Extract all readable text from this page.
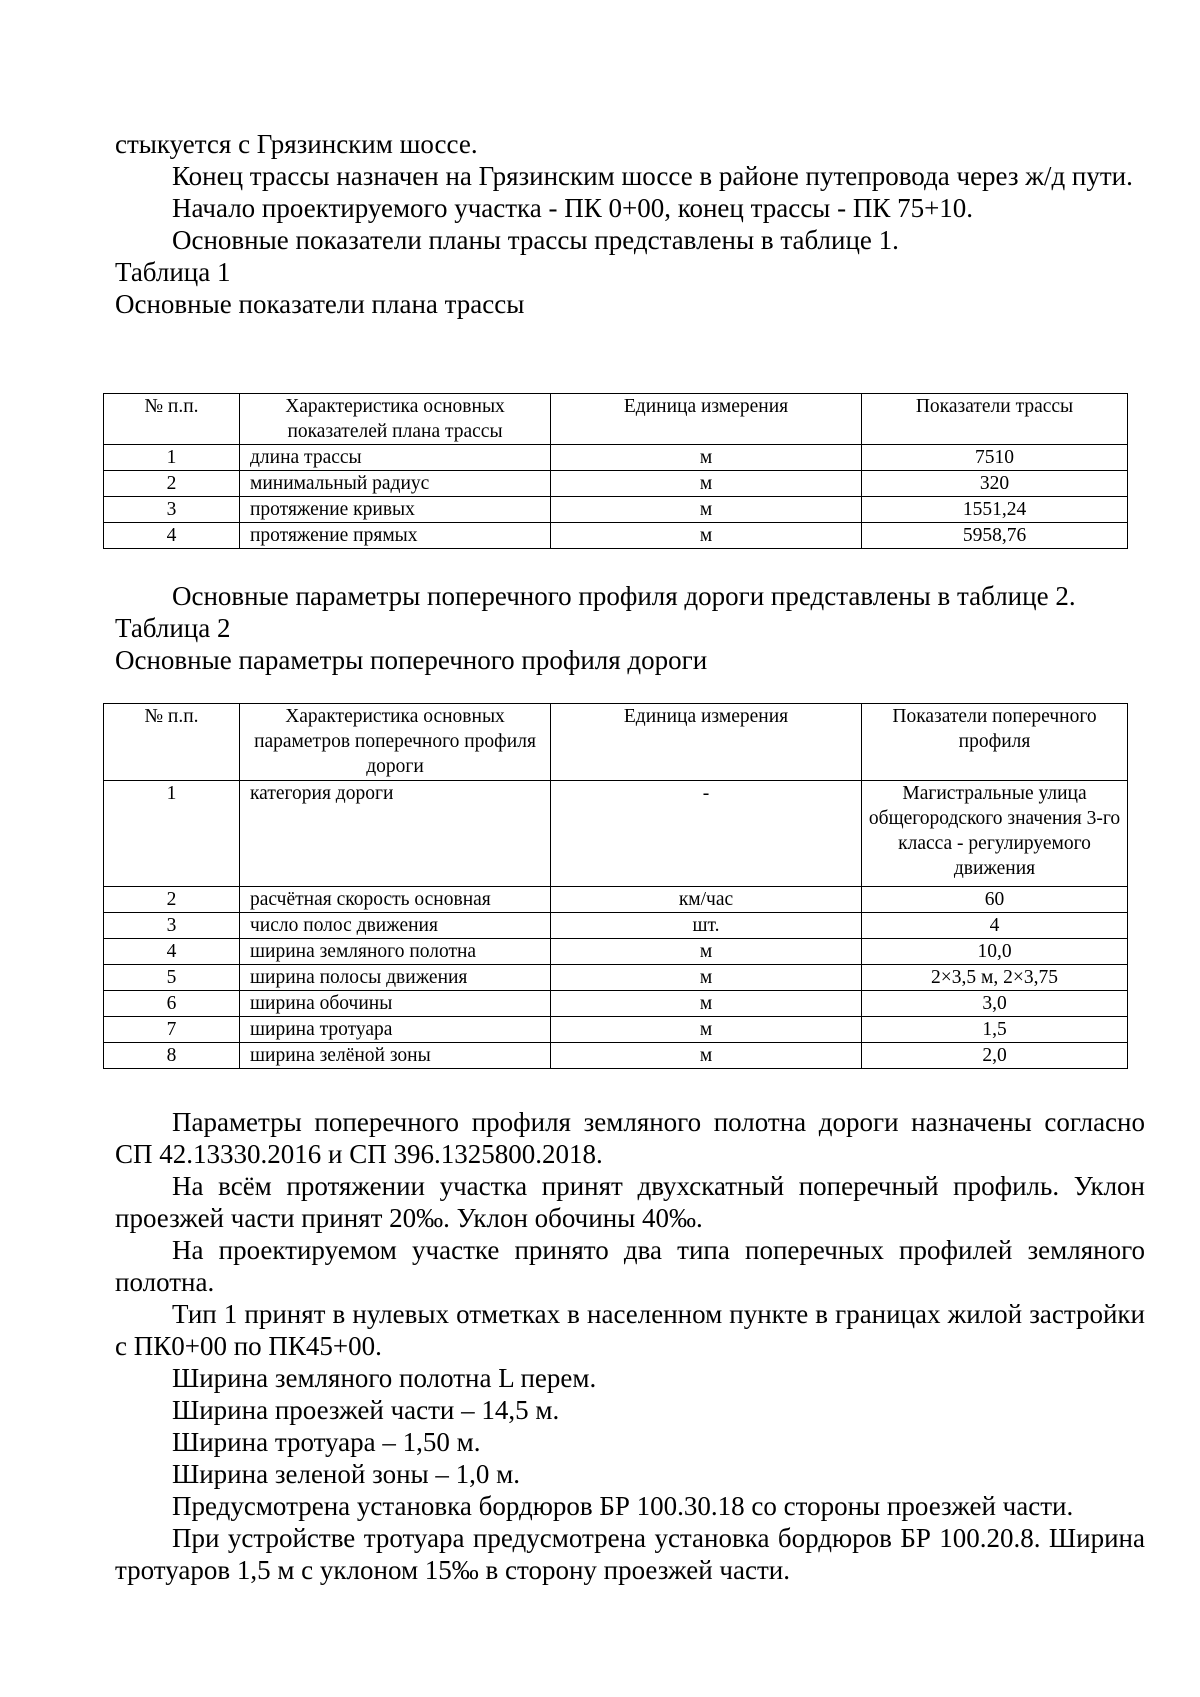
стыкуется с Грязинским шоссе.

Конец трассы назначен на Грязинским шоссе в районе путепровода через ж/д пути.

Начало проектируемого участка - ПК 0+00, конец трассы - ПК 75+10.

Основные показатели планы трассы представлены в таблице 1.

Таблица 1

Основные показатели плана трассы

№ п.п.	Характеристика основных показателей плана трассы	Единица измерения	Показатели трассы
1	длина трассы	м	7510
2	минимальный радиус	м	320
3	протяжение кривых	м	1551,24
4	протяжение прямых	м	5958,76

Основные параметры поперечного профиля дороги представлены в таблице 2.

Таблица 2

Основные параметры поперечного профиля дороги

№ п.п.	Характеристика основных параметров поперечного профиля дороги	Единица измерения	Показатели поперечного профиля
1	категория дороги	-	Магистральные улица общегородского значения 3-го класса - регулируемого движения
2	расчётная скорость основная	км/час	60
3	число полос движения	шт.	4
4	ширина земляного полотна	м	10,0
5	ширина полосы движения	м	2×3,5 м, 2×3,75
6	ширина обочины	м	3,0
7	ширина тротуара	м	1,5
8	ширина зелёной зоны	м	2,0

Параметры поперечного профиля земляного полотна дороги назначены согласно СП 42.13330.2016 и СП 396.1325800.2018.

На всём протяжении участка принят двухскатный поперечный профиль. Уклон проезжей части принят 20‰. Уклон обочины 40‰.

На проектируемом участке принято два типа поперечных профилей земляного полотна.

Тип 1 принят в нулевых отметках в населенном пункте в границах жилой застройки с ПК0+00 по ПК45+00.

Ширина земляного полотна L перем.

Ширина проезжей части – 14,5 м.

Ширина тротуара – 1,50 м.

Ширина зеленой зоны – 1,0 м.

Предусмотрена установка бордюров БР 100.30.18 со стороны проезжей части.

При устройстве тротуара предусмотрена установка бордюров БР 100.20.8. Ширина тротуаров 1,5 м с уклоном 15‰ в сторону проезжей части.
